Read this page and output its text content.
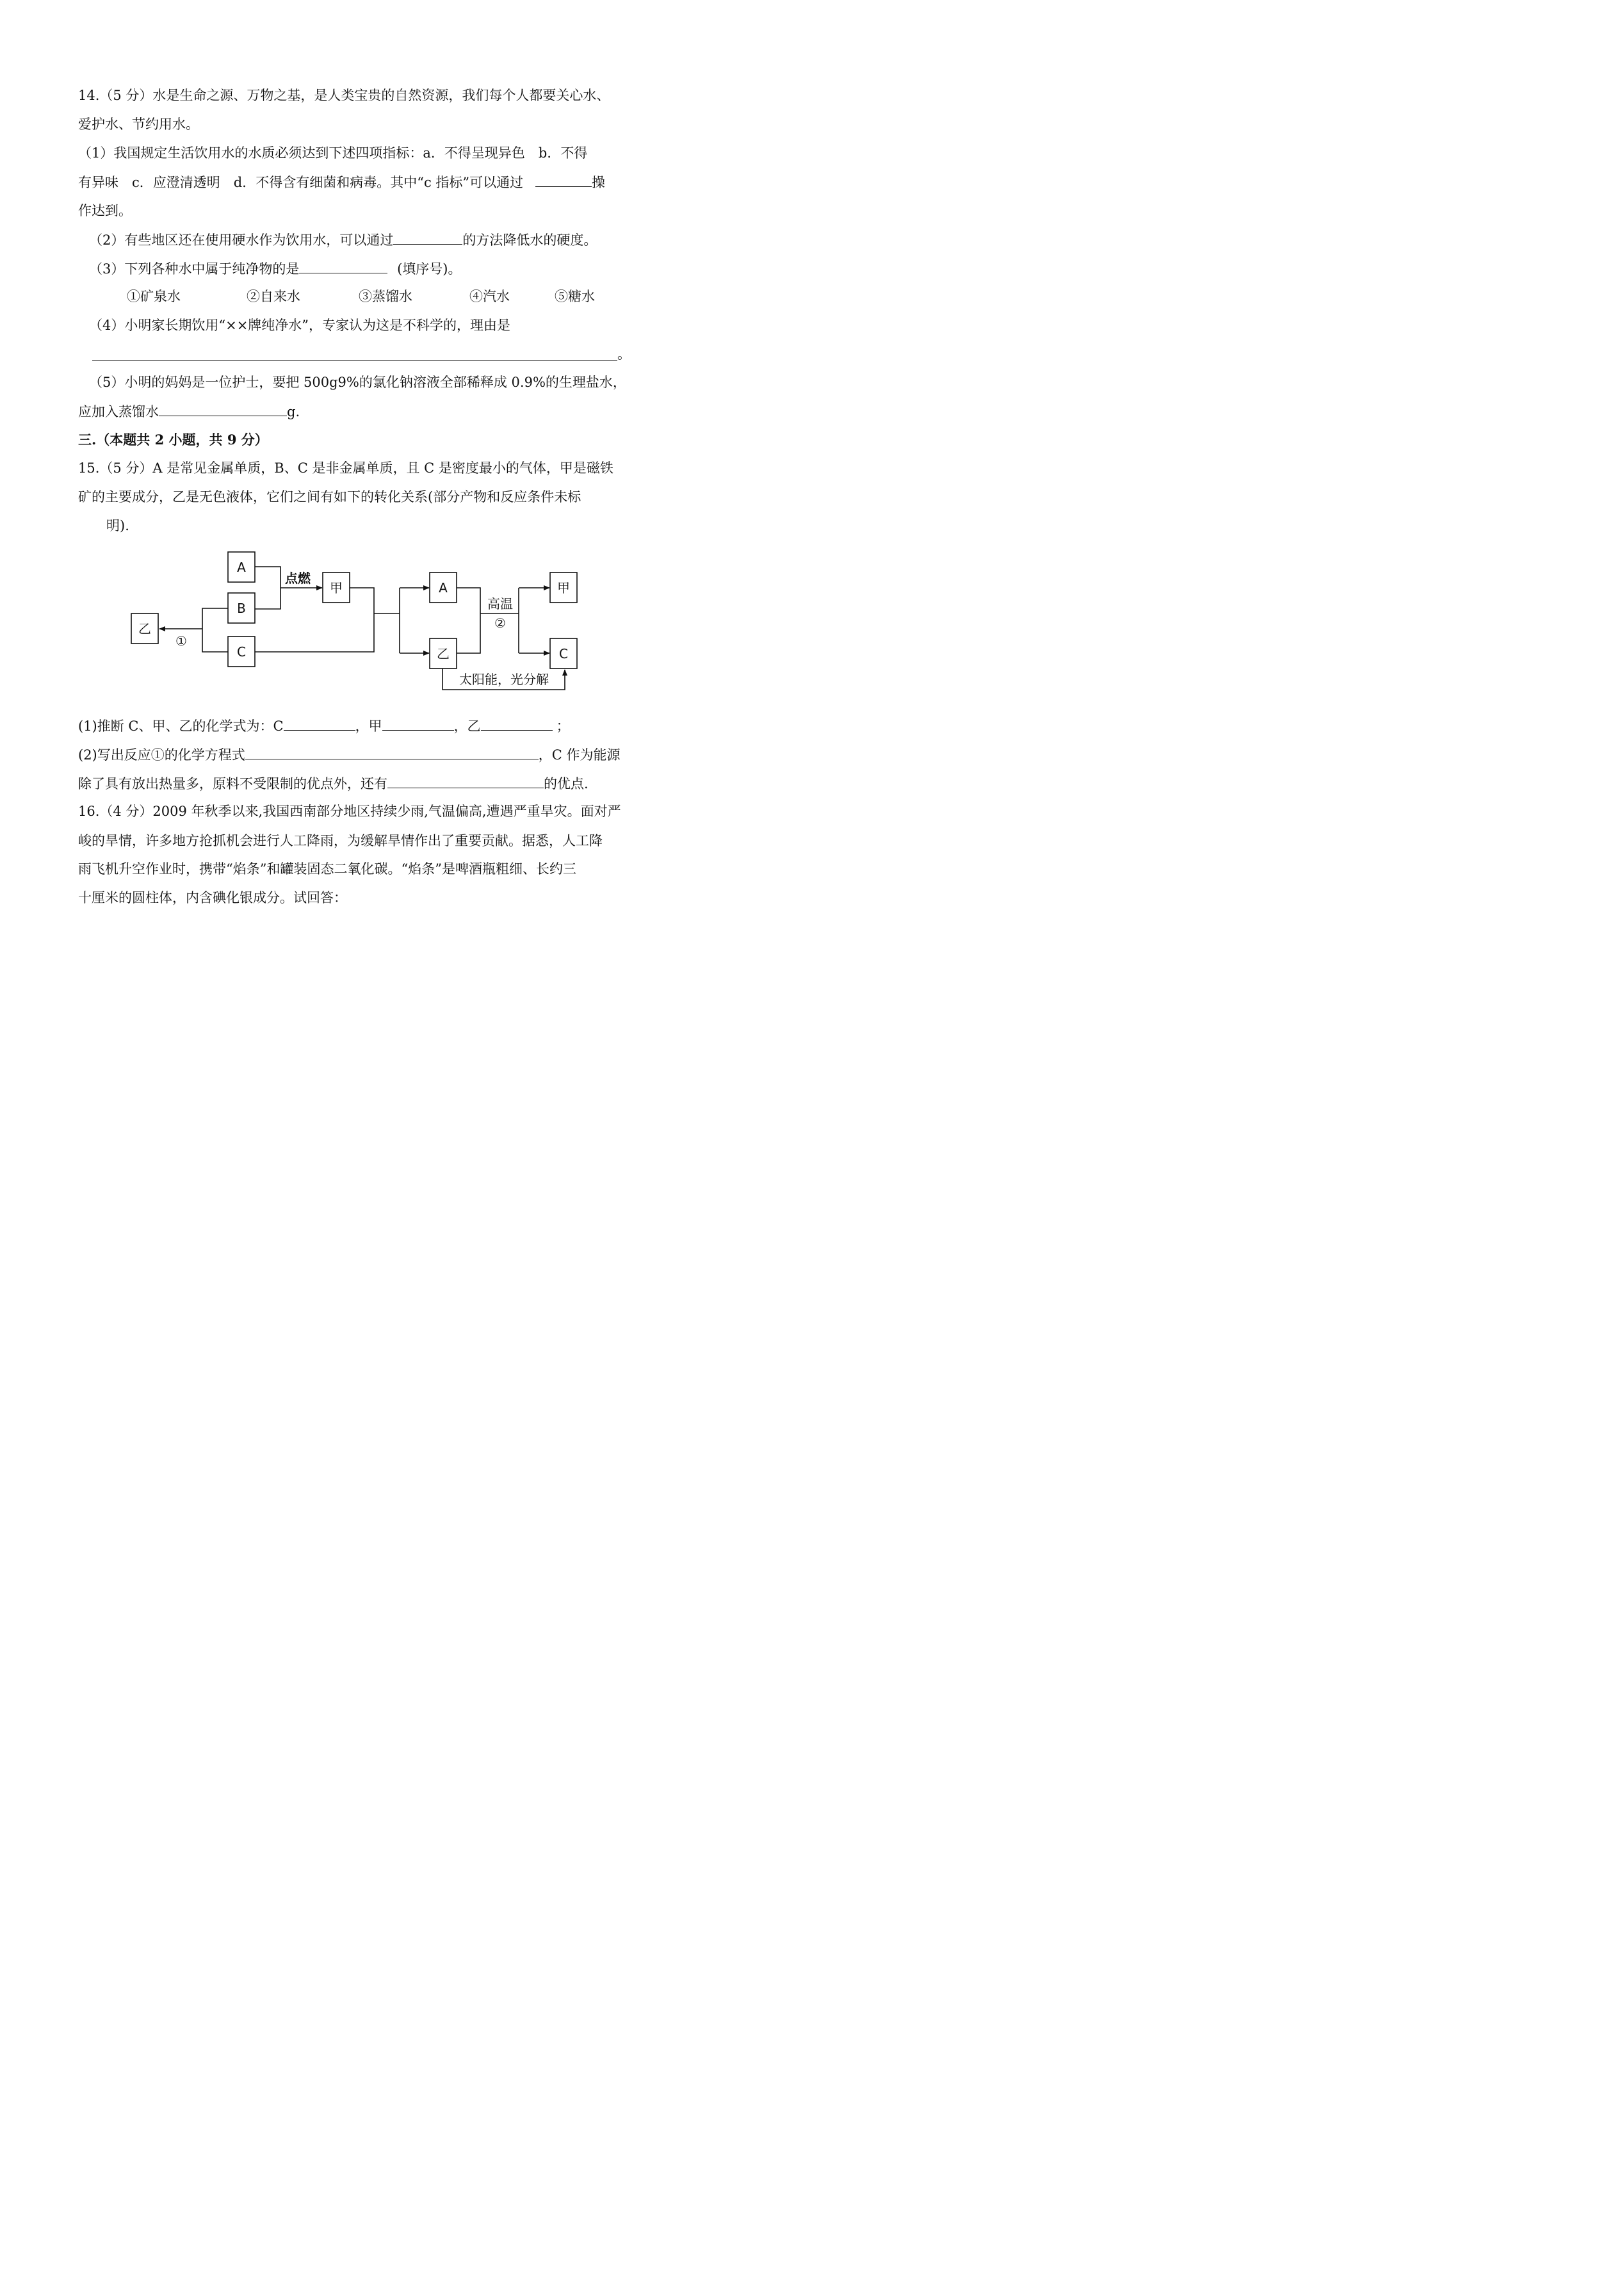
14.（5 分）水是生命之源、万物之基，是人类宝贵的自然资源，我们每个人都要关心水、
爱护水、节约用水。
（1）我国规定生活饮用水的水质必须达到下述四项指标：a．不得呈现异色　b．不得
有异味　c．应澄清透明　d．不得含有细菌和病毒。其中“c 指标”可以通过	操
作达到。
（2）有些地区还在使用硬水作为饮用水，可以通过	的方法降低水的硬度。
（3）下列各种水中属于纯净物的是	(填序号)。
①矿泉水	②自来水	③蒸馏水	④汽水	⑤糖水
（4）小明家长期饮用“××牌纯净水”，专家认为这是不科学的，理由是
。
（5）小明的妈妈是一位护士，要把 500g9%的氯化钠溶液全部稀释成 0.9%的生理盐水，
应加入蒸馏水	g.
三.（本题共 2 小题，共 9 分）
15.（5 分）A 是常见金属单质，B、C 是非金属单质，且 C 是密度最小的气体，甲是磁铁
矿的主要成分，乙是无色液体，它们之间有如下的转化关系(部分产物和反应条件未标
明).
A
B
C
乙
甲	A
乙
甲
C
点燃
高温
②
①
太阳能，光分解
(1)推断 C、甲、乙的化学式为：C	，甲	，乙	；
(2)写出反应①的化学方程式	，C 作为能源
除了具有放出热量多，原料不受限制的优点外，还有	的优点.
16.（4 分）2009 年秋季以来,我国西南部分地区持续少雨,气温偏高,遭遇严重旱灾。面对严
峻的旱情，许多地方抢抓机会进行人工降雨，为缓解旱情作出了重要贡献。据悉，人工降
雨飞机升空作业时，携带“焰条”和罐装固态二氧化碳。“焰条”是啤酒瓶粗细、长约三
十厘米的圆柱体，内含碘化银成分。试回答：
